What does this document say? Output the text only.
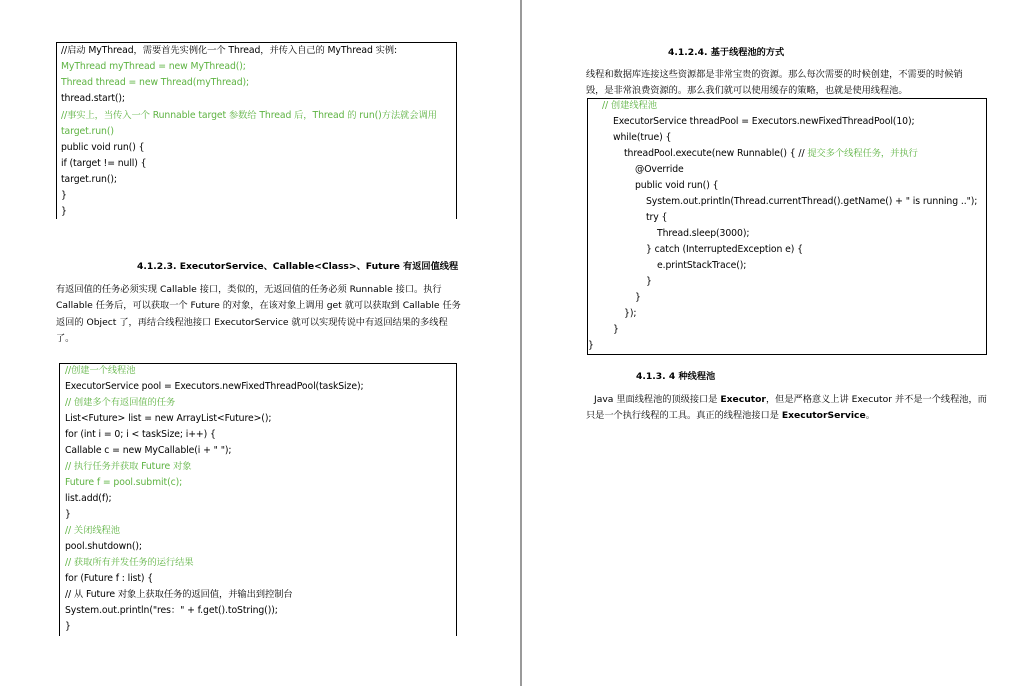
//启动 MyThread，需要首先实例化一个 Thread，并传入自己的 MyThread 实例:
MyThread myThread = new MyThread();
Thread thread = new Thread(myThread);
thread.start();
//事实上，当传入一个 Runnable target 参数给 Thread 后，Thread 的 run()方法就会调用
target.run()
public void run() {
if (target != null) {
target.run();
}
}
4.1.2.3. ExecutorService、Callable<Class>、Future 有返回值线程
有返回值的任务必须实现 Callable 接口，类似的，无返回值的任务必须 Runnable 接口。执行
Callable 任务后，可以获取一个 Future 的对象，在该对象上调用 get 就可以获取到 Callable 任务
返回的 Object 了，再结合线程池接口 ExecutorService 就可以实现传说中有返回结果的多线程
了。
//创建一个线程池
ExecutorService pool = Executors.newFixedThreadPool(taskSize);
// 创建多个有返回值的任务
List<Future> list = new ArrayList<Future>();
for (int i = 0; i < taskSize; i++) {
Callable c = new MyCallable(i + " ");
// 执行任务并获取 Future 对象
Future f = pool.submit(c);
list.add(f);
}
// 关闭线程池
pool.shutdown();
// 获取所有并发任务的运行结果
for (Future f : list) {
// 从 Future 对象上获取任务的返回值，并输出到控制台
System.out.println("res：" + f.get().toString());
}
4.1.2.4. 基于线程池的方式
线程和数据库连接这些资源都是非常宝贵的资源。那么每次需要的时候创建，不需要的时候销
毁，是非常浪费资源的。那么我们就可以使用缓存的策略，也就是使用线程池。
// 创建线程池
ExecutorService threadPool = Executors.newFixedThreadPool(10);
while(true) {
threadPool.execute(new Runnable() { // 提交多个线程任务，并执行
@Override
public void run() {
System.out.println(Thread.currentThread().getName() + " is running ..");
try {
Thread.sleep(3000);
} catch (InterruptedException e) {
e.printStackTrace();
}
}
});
}
}
4.1.3. 4 种线程池
Java 里面线程池的顶级接口是 Executor，但是严格意义上讲 Executor 并不是一个线程池，而
只是一个执行线程的工具。真正的线程池接口是 ExecutorService。
